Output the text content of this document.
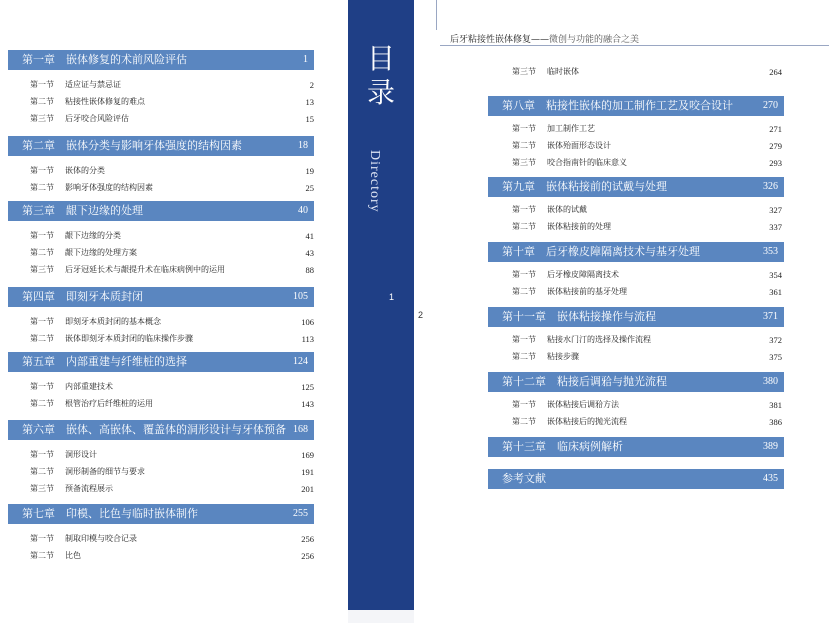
目录
Directory
1
2
后牙粘接性嵌体修复——微创与功能的融合之美
第一章　嵌体修复的术前风险评估	1
第一节 适应证与禁忌证	2
第二节 粘接性嵌体修复的难点	13
第三节 后牙咬合风险评估	15
第二章　嵌体分类与影响牙体强度的结构因素	18
第一节 嵌体的分类	19
第二节 影响牙体强度的结构因素	25
第三章　龈下边缘的处理	40
第一节 龈下边缘的分类	41
第二节 龈下边缘的处理方案	43
第三节 后牙冠延长术与龈提升术在临床病例中的运用	88
第四章　即刻牙本质封闭	105
第一节 即刻牙本质封闭的基本概念	106
第二节 嵌体即刻牙本质封闭的临床操作步骤	113
第五章　内部重建与纤维桩的选择	124
第一节 内部重建技术	125
第二节 根管治疗后纤维桩的运用	143
第六章　嵌体、高嵌体、覆盖体的洞形设计与牙体预备 168
第一节 洞形设计	169
第二节 洞形制备的细节与要求	191
第三节 预备流程展示	201
第七章　印模、比色与临时嵌体制作	255
第一节 制取印模与咬合记录	256
第二节 比色	256
第三节 临时嵌体	264
第八章　粘接性嵌体的加工制作工艺及咬合设计	270
第一节 加工制作工艺	271
第二节 嵌体殆面形态设计	279
第三节 咬合指南针的临床意义	293
第九章　嵌体粘接前的试戴与处理	326
第一节 嵌体的试戴	327
第二节 嵌体粘接前的处理	337
第十章　后牙橡皮障隔离技术与基牙处理	353
第一节 后牙橡皮障隔离技术	354
第二节 嵌体粘接前的基牙处理	361
第十一章　嵌体粘接操作与流程	371
第一节 粘接水门汀的选择及操作流程	372
第二节 粘接步骤	375
第十二章　粘接后调𬌗与抛光流程	380
第一节 嵌体粘接后调𬌗方法	381
第二节 嵌体粘接后的抛光流程	386
第十三章　临床病例解析	389
参考文献	435
